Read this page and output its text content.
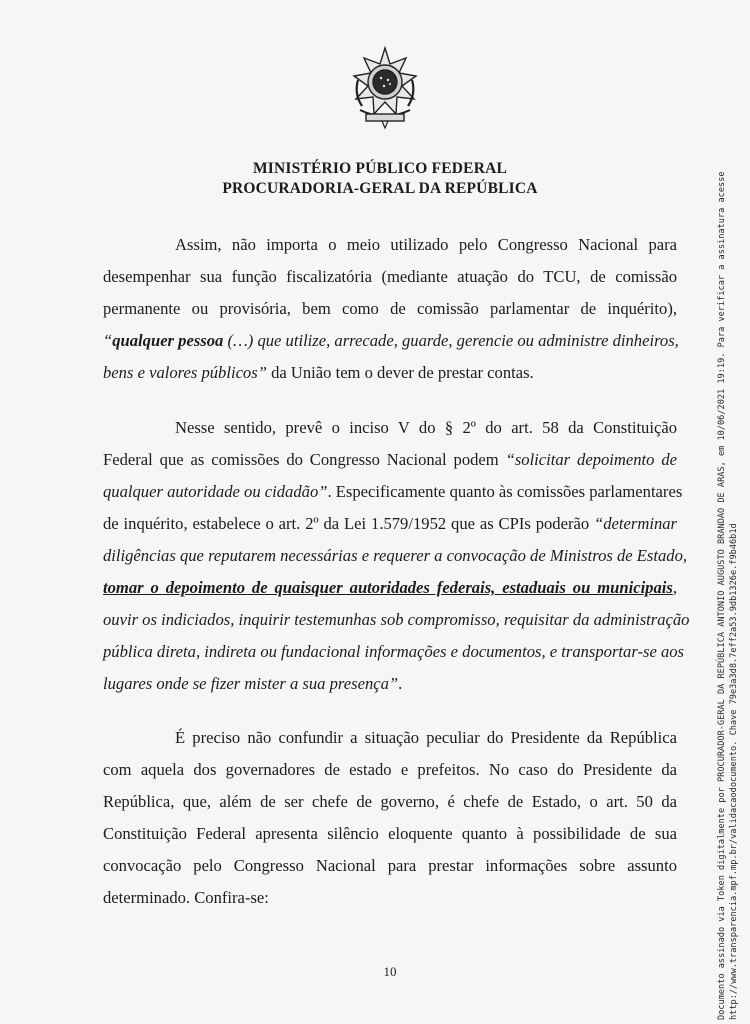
MINISTÉRIO PÚBLICO FEDERAL
PROCURADORIA-GERAL DA REPÚBLICA
Assim, não importa o meio utilizado pelo Congresso Nacional para
desempenhar sua função fiscalizatória (mediante atuação do TCU, de comissão
permanente ou provisória, bem como de comissão parlamentar de inquérito),
“qualquer pessoa (…) que utilize, arrecade, guarde, gerencie ou administre dinheiros,
bens e valores públicos” da União tem o dever de prestar contas.
Nesse sentido, prevê o inciso V do § 2º do art. 58 da Constituição
Federal que as comissões do Congresso Nacional podem “solicitar depoimento de
qualquer autoridade ou cidadão”. Especificamente quanto às comissões parlamentares
de inquérito, estabelece o art. 2º da Lei 1.579/1952 que as CPIs poderão “determinar
diligências que reputarem necessárias e requerer a convocação de Ministros de Estado,
tomar o depoimento de quaisquer autoridades federais, estaduais ou municipais,
ouvir os indiciados, inquirir testemunhas sob compromisso, requisitar da administração
pública direta, indireta ou fundacional informações e documentos, e transportar-se aos
lugares onde se fizer mister a sua presença”.
É preciso não confundir a situação peculiar do Presidente da República
com aquela dos governadores de estado e prefeitos. No caso do Presidente da
República, que, além de ser chefe de governo, é chefe de Estado, o art. 50 da
Constituição Federal apresenta silêncio eloquente quanto à possibilidade de sua
convocação pelo Congresso Nacional para prestar informações sobre assunto
determinado. Confira-se:
10	Documento assinado via Token digitalmente por PROCURADOR-GERAL DA REPÚBLICA ANTONIO AUGUSTO BRANDAO DE ARAS, em 10/06/2021 19:19. Para verificar a assinatura acesse http://www.transparencia.mpf.mp.br/validacaodocumento. Chave 79e3a3d8.7eff2a53.9db1326e.f9b46b1d
